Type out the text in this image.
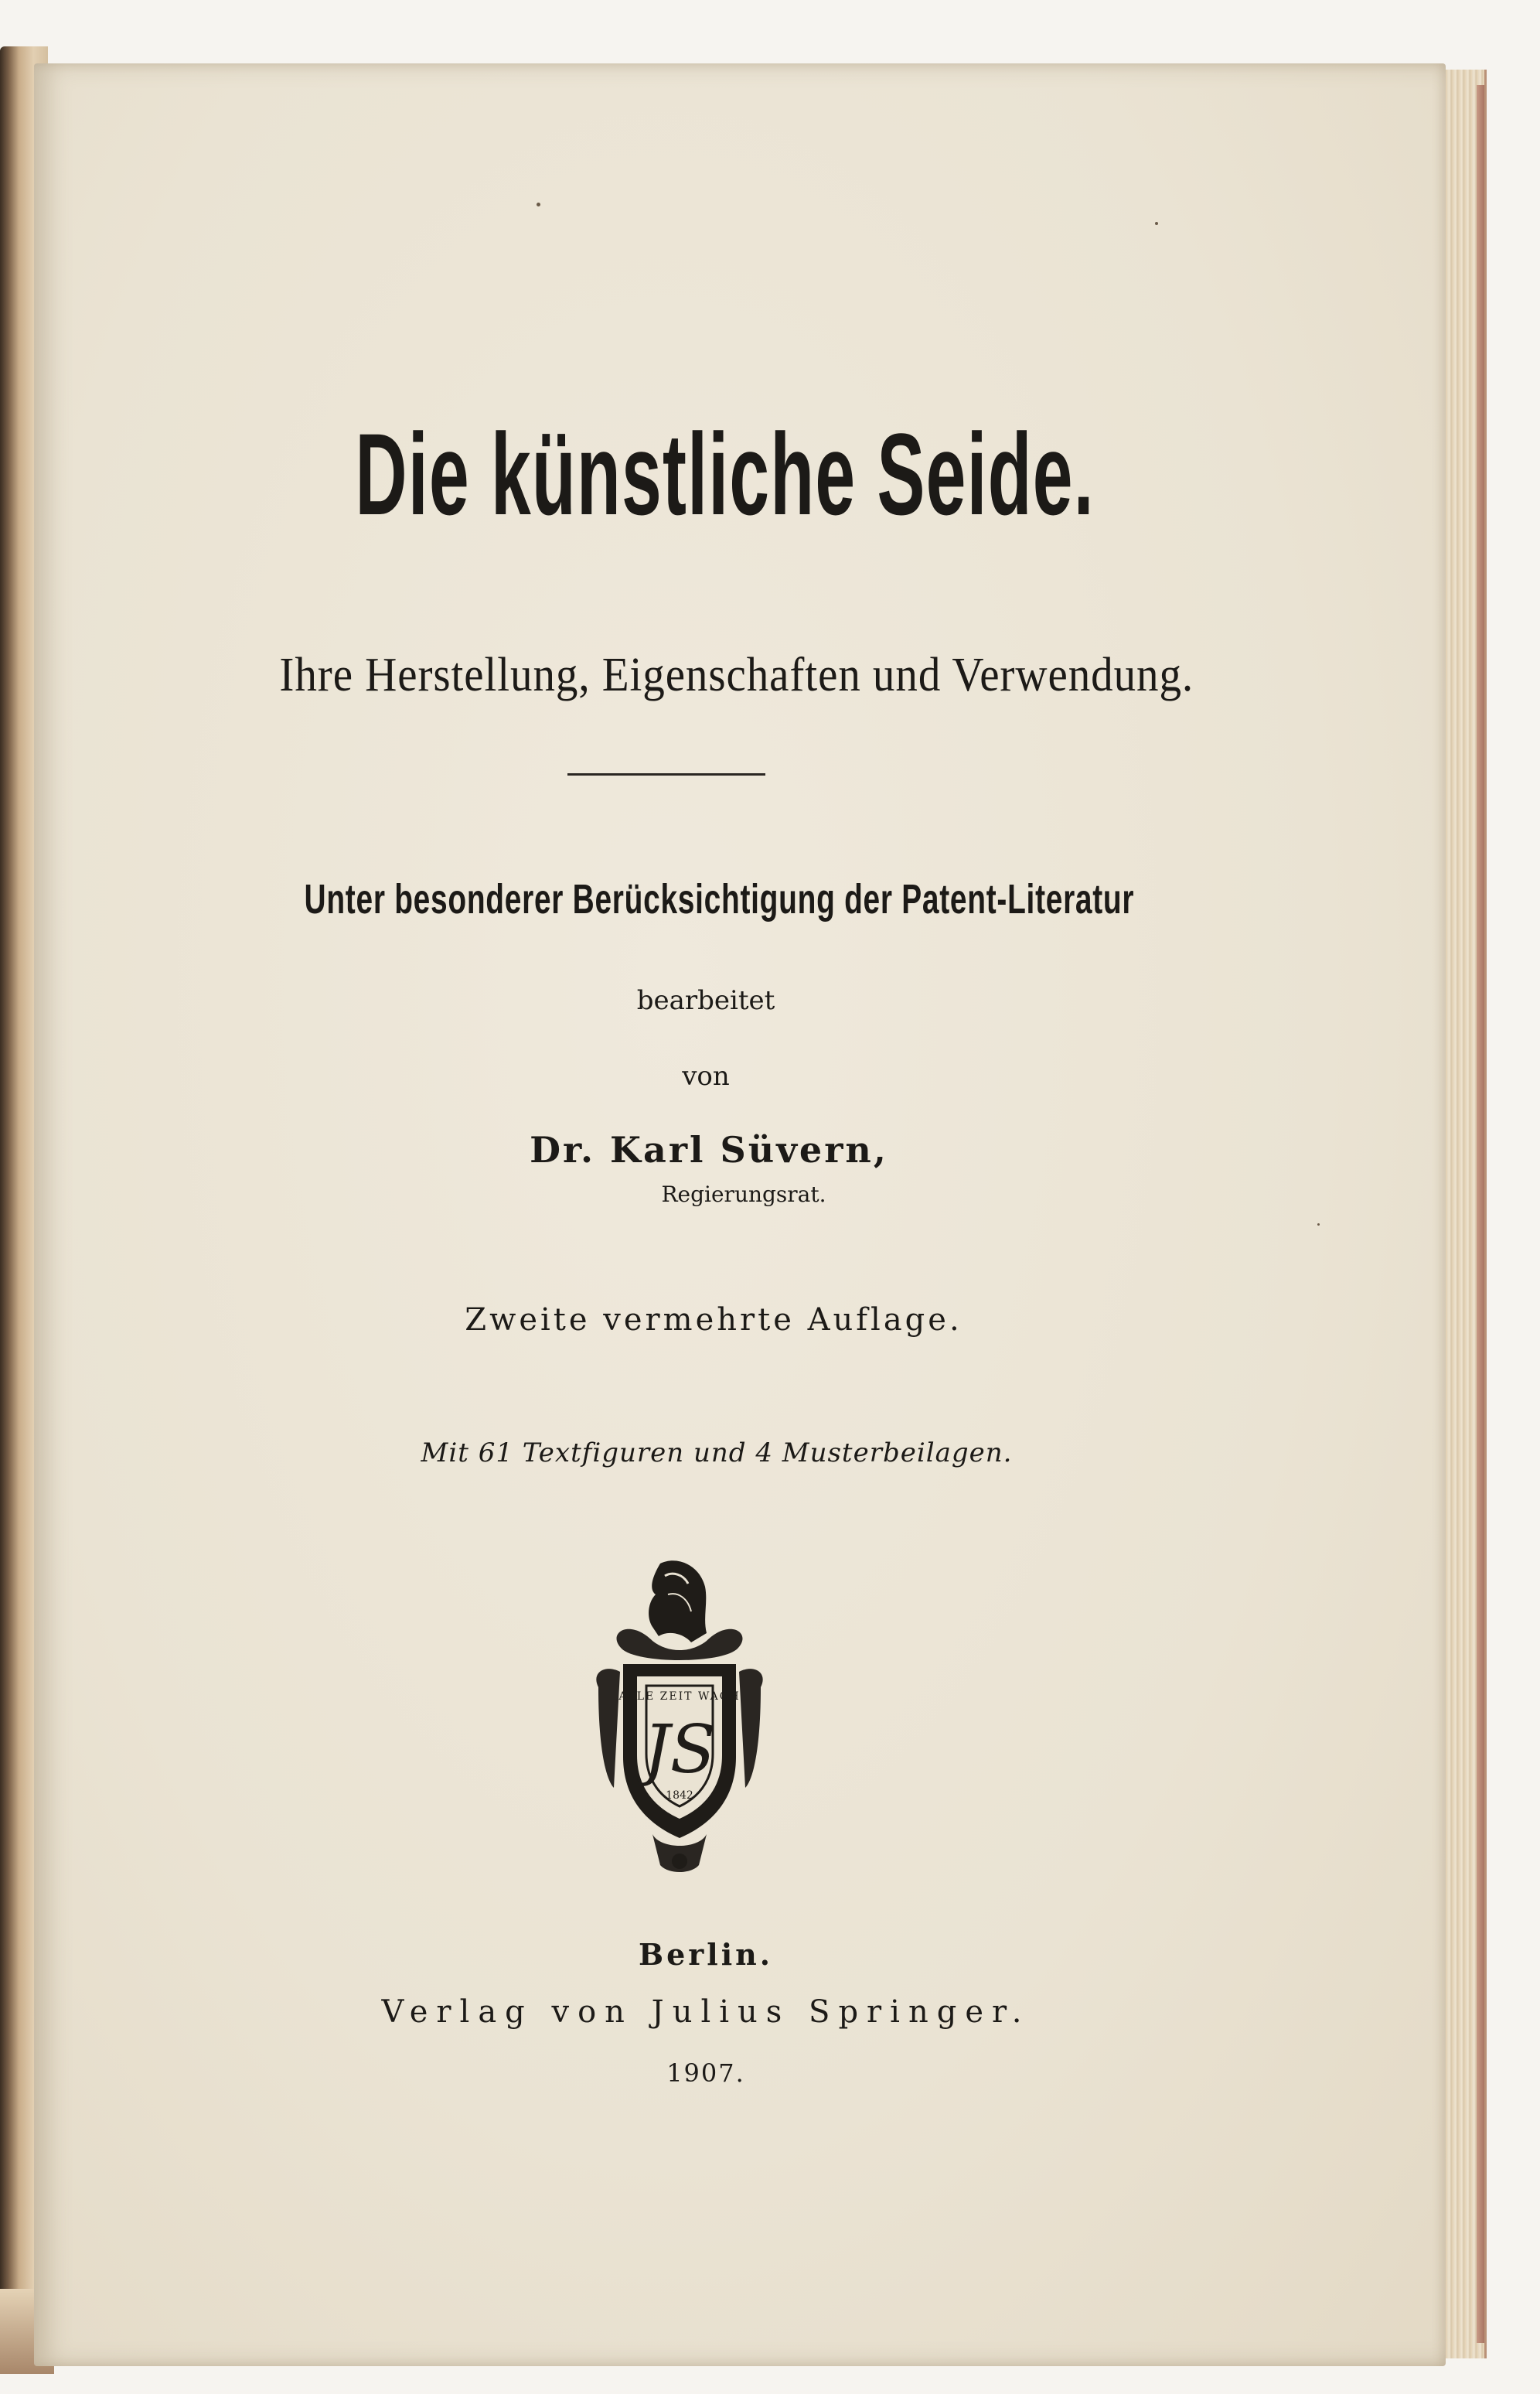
Die künstliche Seide.
Ihre Herstellung, Eigenschaften und Verwendung.
Unter besonderer Berücksichtigung der Patent-Literatur
bearbeitet
von
Dr. Karl Süvern,
Regierungsrat.
Zweite vermehrte Auflage.
Mit 61 Textfiguren und 4 Musterbeilagen.
JS
ALLE ZEIT WACH
1842
Berlin.
Verlag von Julius Springer.
1907.
